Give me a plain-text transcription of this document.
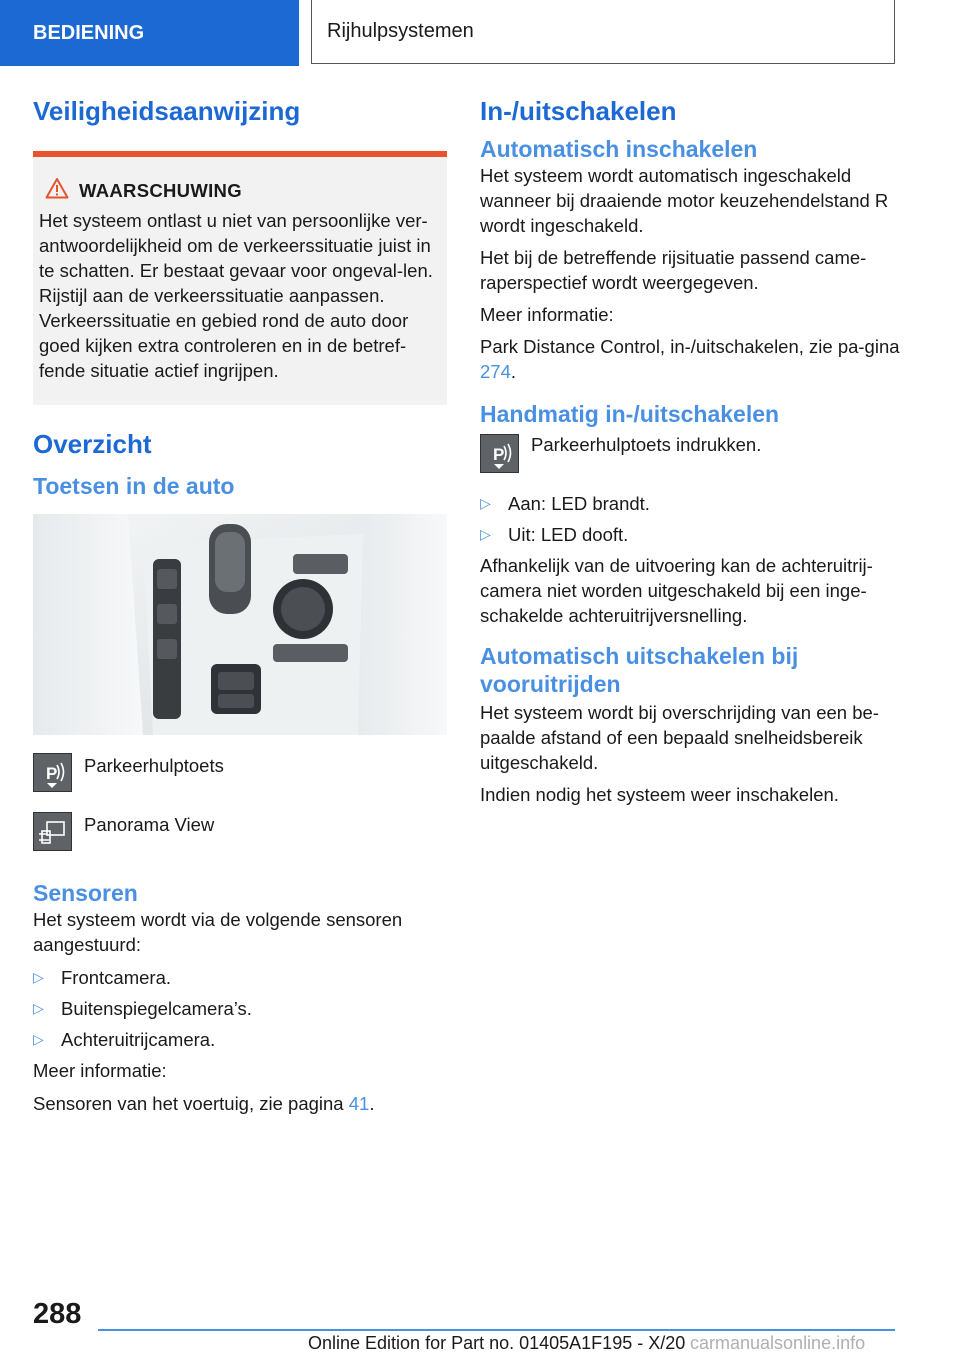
BEDIENING	Rijhulpsystemen
Veiligheidsaanwijzing
WAARSCHUWING

Het systeem ontlast u niet van persoonlijke ver-antwoordelijkheid om de verkeerssituatie juist in te schatten. Er bestaat gevaar voor ongeval-len. Rijstijl aan de verkeerssituatie aanpassen. Verkeerssituatie en gebied rond de auto door goed kijken extra controleren en in de betref-fende situatie actief ingrijpen.

Overzicht
Toetsen in de auto
P Parkeerhulptoets

Panorama View

Sensoren

Het systeem wordt via de volgende sensoren aangestuurd:

▷ Frontcamera.
▷ Buitenspiegelcamera’s.
▷ Achteruitrijcamera.

Meer informatie:

Sensoren van het voertuig, zie pagina 41.

In-/uitschakelen
Automatisch inschakelen

Het systeem wordt automatisch ingeschakeld wanneer bij draaiende motor keuzehendelstand R wordt ingeschakeld.

Het bij de betreffende rijsituatie passend came-raperspectief wordt weergegeven.

Meer informatie:

Park Distance Control, in-/uitschakelen, zie pa-gina 274.

Handmatig in-/uitschakelen
P Parkeerhulptoets indrukken.

▷ Aan: LED brandt.
▷ Uit: LED dooft.

Afhankelijk van de uitvoering kan de achteruitrij-camera niet worden uitgeschakeld bij een inge-schakelde achteruitrijversnelling.

Automatisch uitschakelen bij vooruitrijden

Het systeem wordt bij overschrijding van een be-paalde afstand of een bepaald snelheidsbereik uitgeschakeld.

Indien nodig het systeem weer inschakelen.

288
Online Edition for Part no. 01405A1F195 - X/20 carmanualsonline.info
